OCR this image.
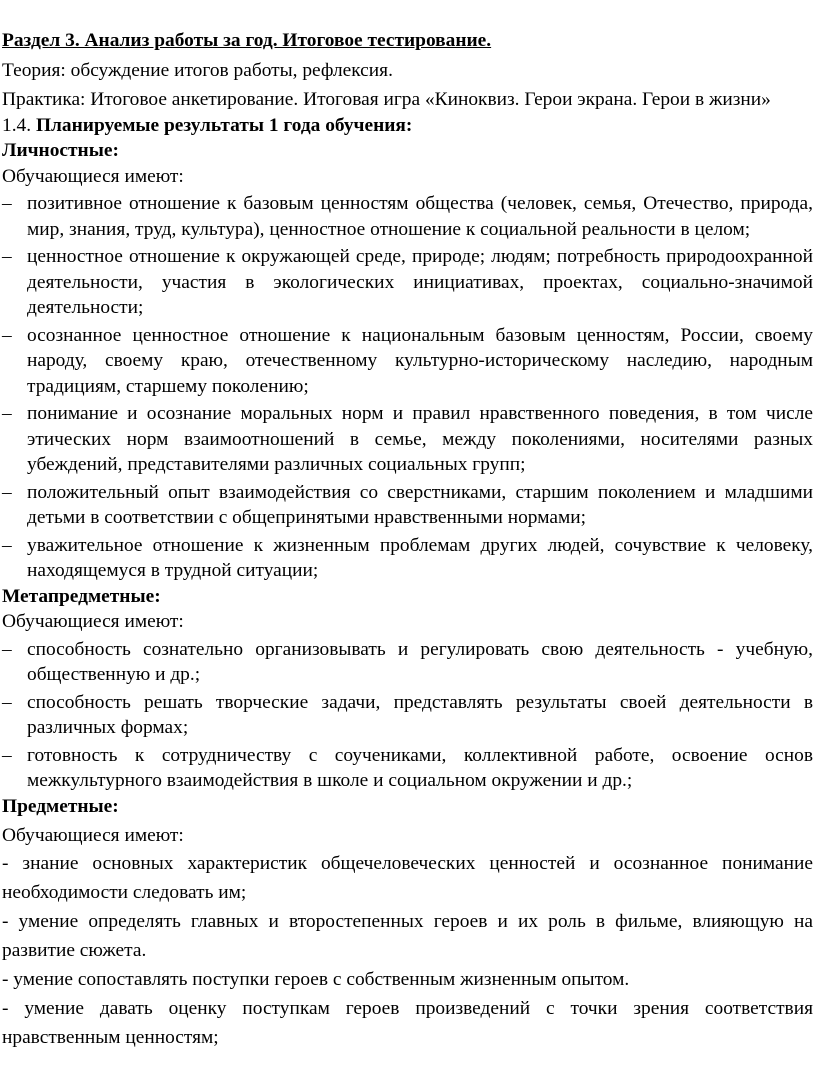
Раздел 3. Анализ работы за год. Итоговое тестирование.
Теория: обсуждение итогов работы, рефлексия.
Практика: Итоговое анкетирование. Итоговая игра «Киноквиз. Герои экрана. Герои в жизни»
1.4. Планируемые результаты 1 года обучения:
Личностные:
Обучающиеся имеют:
– позитивное отношение к базовым ценностям общества (человек, семья, Отечество, природа, мир, знания, труд, культура), ценностное отношение к социальной реальности в целом;
– ценностное отношение к окружающей среде, природе; людям; потребность природоохранной деятельности, участия в экологических инициативах, проектах, социально-значимой деятельности;
– осознанное ценностное отношение к национальным базовым ценностям, России, своему народу, своему краю, отечественному культурно-историческому наследию, народным традициям, старшему поколению;
– понимание и осознание моральных норм и правил нравственного поведения, в том числе этических норм взаимоотношений в семье, между поколениями, носителями разных убеждений, представителями различных социальных групп;
– положительный опыт взаимодействия со сверстниками, старшим поколением и младшими детьми в соответствии с общепринятыми нравственными нормами;
– уважительное отношение к жизненным проблемам других людей, сочувствие к человеку, находящемуся в трудной ситуации;
Метапредметные:
Обучающиеся имеют:
– способность сознательно организовывать и регулировать свою деятельность - учебную, общественную и др.;
– способность решать творческие задачи, представлять результаты своей деятельности в различных формах;
– готовность к сотрудничеству с соучениками, коллективной работе, освоение основ межкультурного взаимодействия в школе и социальном окружении и др.;
Предметные:
Обучающиеся имеют:
- знание основных характеристик общечеловеческих ценностей и осознанное понимание необходимости следовать им;
- умение определять главных и второстепенных героев и их роль в фильме, влияющую на развитие сюжета.
- умение сопоставлять поступки героев с собственным жизненным опытом.
- умение давать оценку поступкам героев произведений с точки зрения соответствия нравственным ценностям;
